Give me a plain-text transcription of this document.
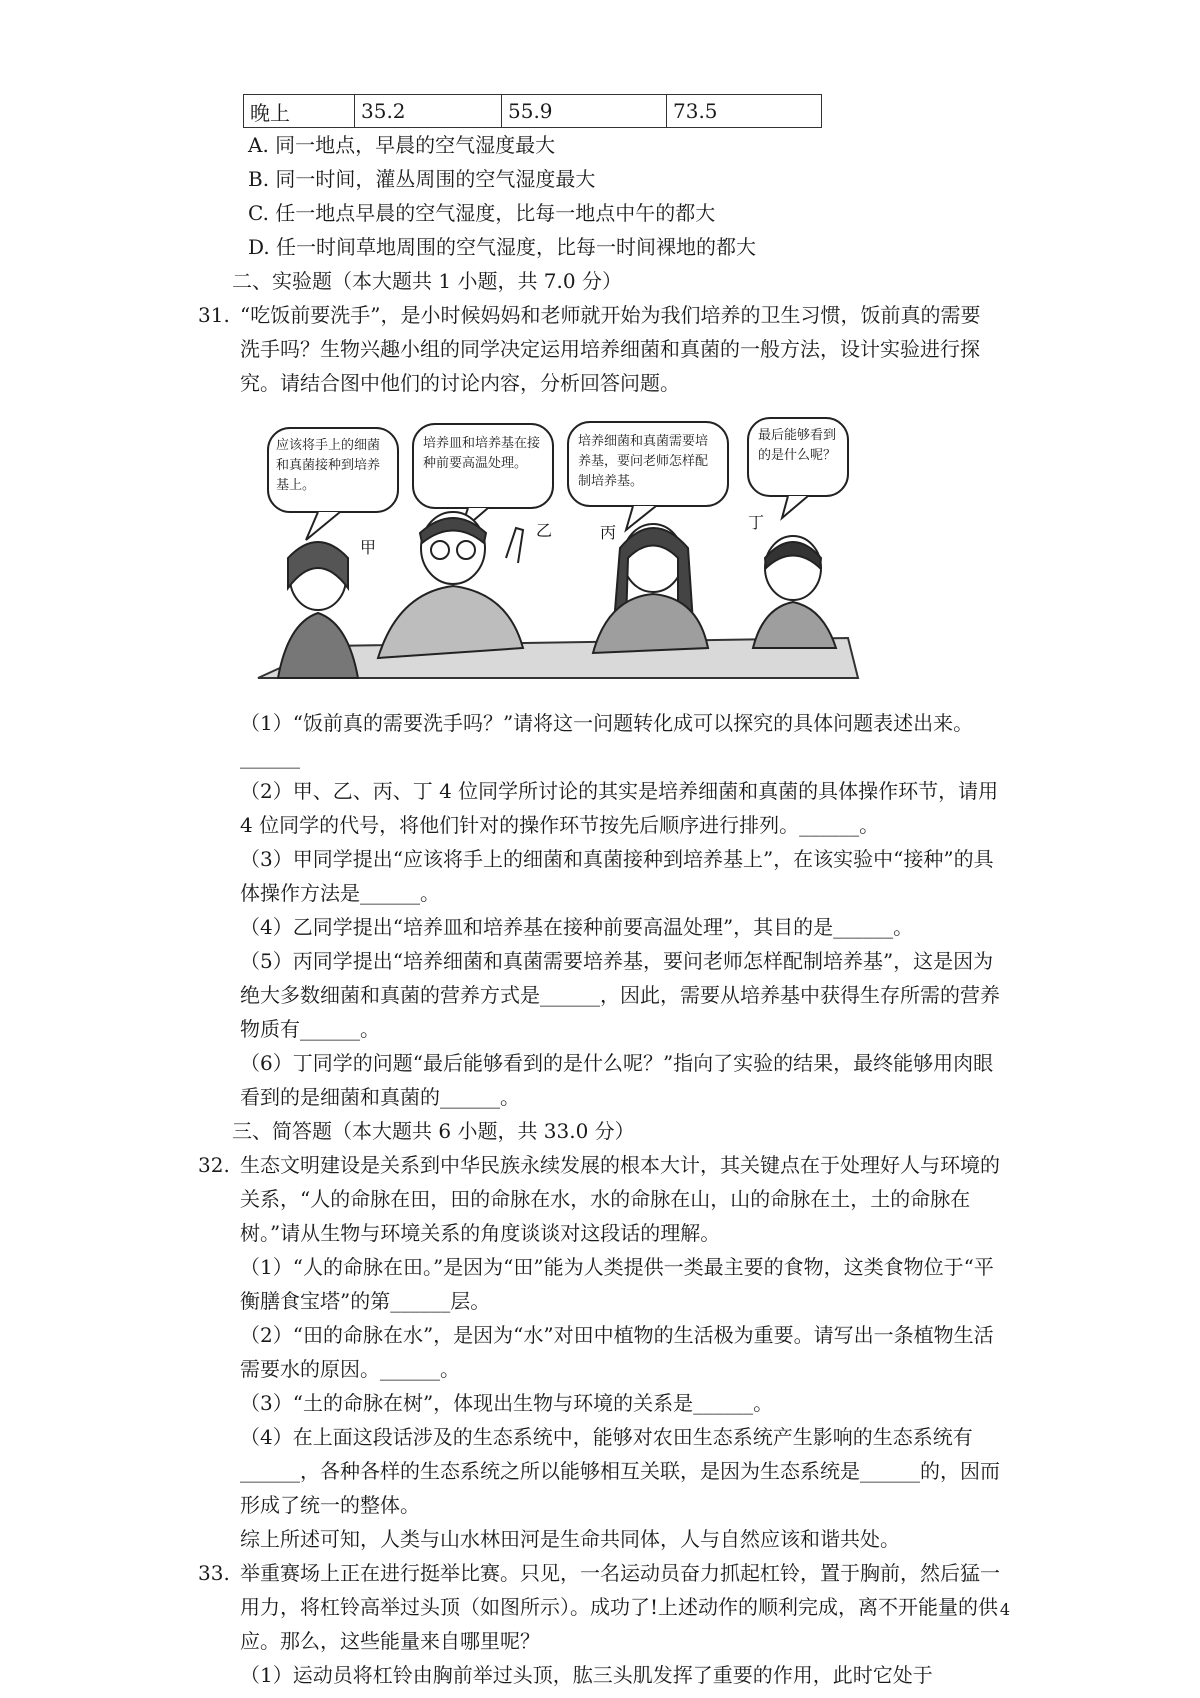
晚上	35.2	55.9	73.5

A. 同一地点，早晨的空气湿度最大

B. 同一时间，灌丛周围的空气湿度最大

C. 任一地点早晨的空气湿度，比每一地点中午的都大

D. 任一时间草地周围的空气湿度，比每一时间裸地的都大

二、实验题（本大题共 1 小题，共 7.0 分）

31. “吃饭前要洗手”，是小时候妈妈和老师就开始为我们培养的卫生习惯，饭前真的需要洗手吗？生物兴趣小组的同学决定运用培养细菌和真菌的一般方法，设计实验进行探究。请结合图中他们的讨论内容，分析回答问题。
应该将手上的细菌和真菌接种到培养基上。
培养皿和培养基在接种前要高温处理。
培养细菌和真菌需要培养基，要问老师怎样配制培养基。
最后能够看到的是什么呢？
甲
乙	丙
丁

（1）“饭前真的需要洗手吗？”请将这一问题转化成可以探究的具体问题表述出来。______

（2）甲、乙、丙、丁 4 位同学所讨论的其实是培养细菌和真菌的具体操作环节，请用 4 位同学的代号，将他们针对的操作环节按先后顺序进行排列。______。

（3）甲同学提出“应该将手上的细菌和真菌接种到培养基上”，在该实验中“接种”的具体操作方法是______。

（4）乙同学提出“培养皿和培养基在接种前要高温处理”，其目的是______。

（5）丙同学提出“培养细菌和真菌需要培养基，要问老师怎样配制培养基”，这是因为绝大多数细菌和真菌的营养方式是______，因此，需要从培养基中获得生存所需的营养物质有______。

（6）丁同学的问题“最后能够看到的是什么呢？”指向了实验的结果，最终能够用肉眼看到的是细菌和真菌的______。

三、简答题（本大题共 6 小题，共 33.0 分）

32. 生态文明建设是关系到中华民族永续发展的根本大计，其关键点在于处理好人与环境的关系，“人的命脉在田，田的命脉在水，水的命脉在山，山的命脉在土，土的命脉在树。”请从生物与环境关系的角度谈谈对这段话的理解。

（1）“人的命脉在田。”是因为“田”能为人类提供一类最主要的食物，这类食物位于“平衡膳食宝塔”的第______层。

（2）“田的命脉在水”，是因为“水”对田中植物的生活极为重要。请写出一条植物生活需要水的原因。______。

（3）“土的命脉在树”，体现出生物与环境的关系是______。

（4）在上面这段话涉及的生态系统中，能够对农田生态系统产生影响的生态系统有______，各种各样的生态系统之所以能够相互关联，是因为生态系统是______的，因而形成了统一的整体。

综上所述可知，人类与山水林田河是生命共同体，人与自然应该和谐共处。

33. 举重赛场上正在进行挺举比赛。只见，一名运动员奋力抓起杠铃，置于胸前，然后猛一用力，将杠铃高举过头顶（如图所示）。成功了!上述动作的顺利完成，离不开能量的供应。那么，这些能量来自哪里呢？

（1）运动员将杠铃由胸前举过头顶，肱三头肌发挥了重要的作用，此时它处于

4
